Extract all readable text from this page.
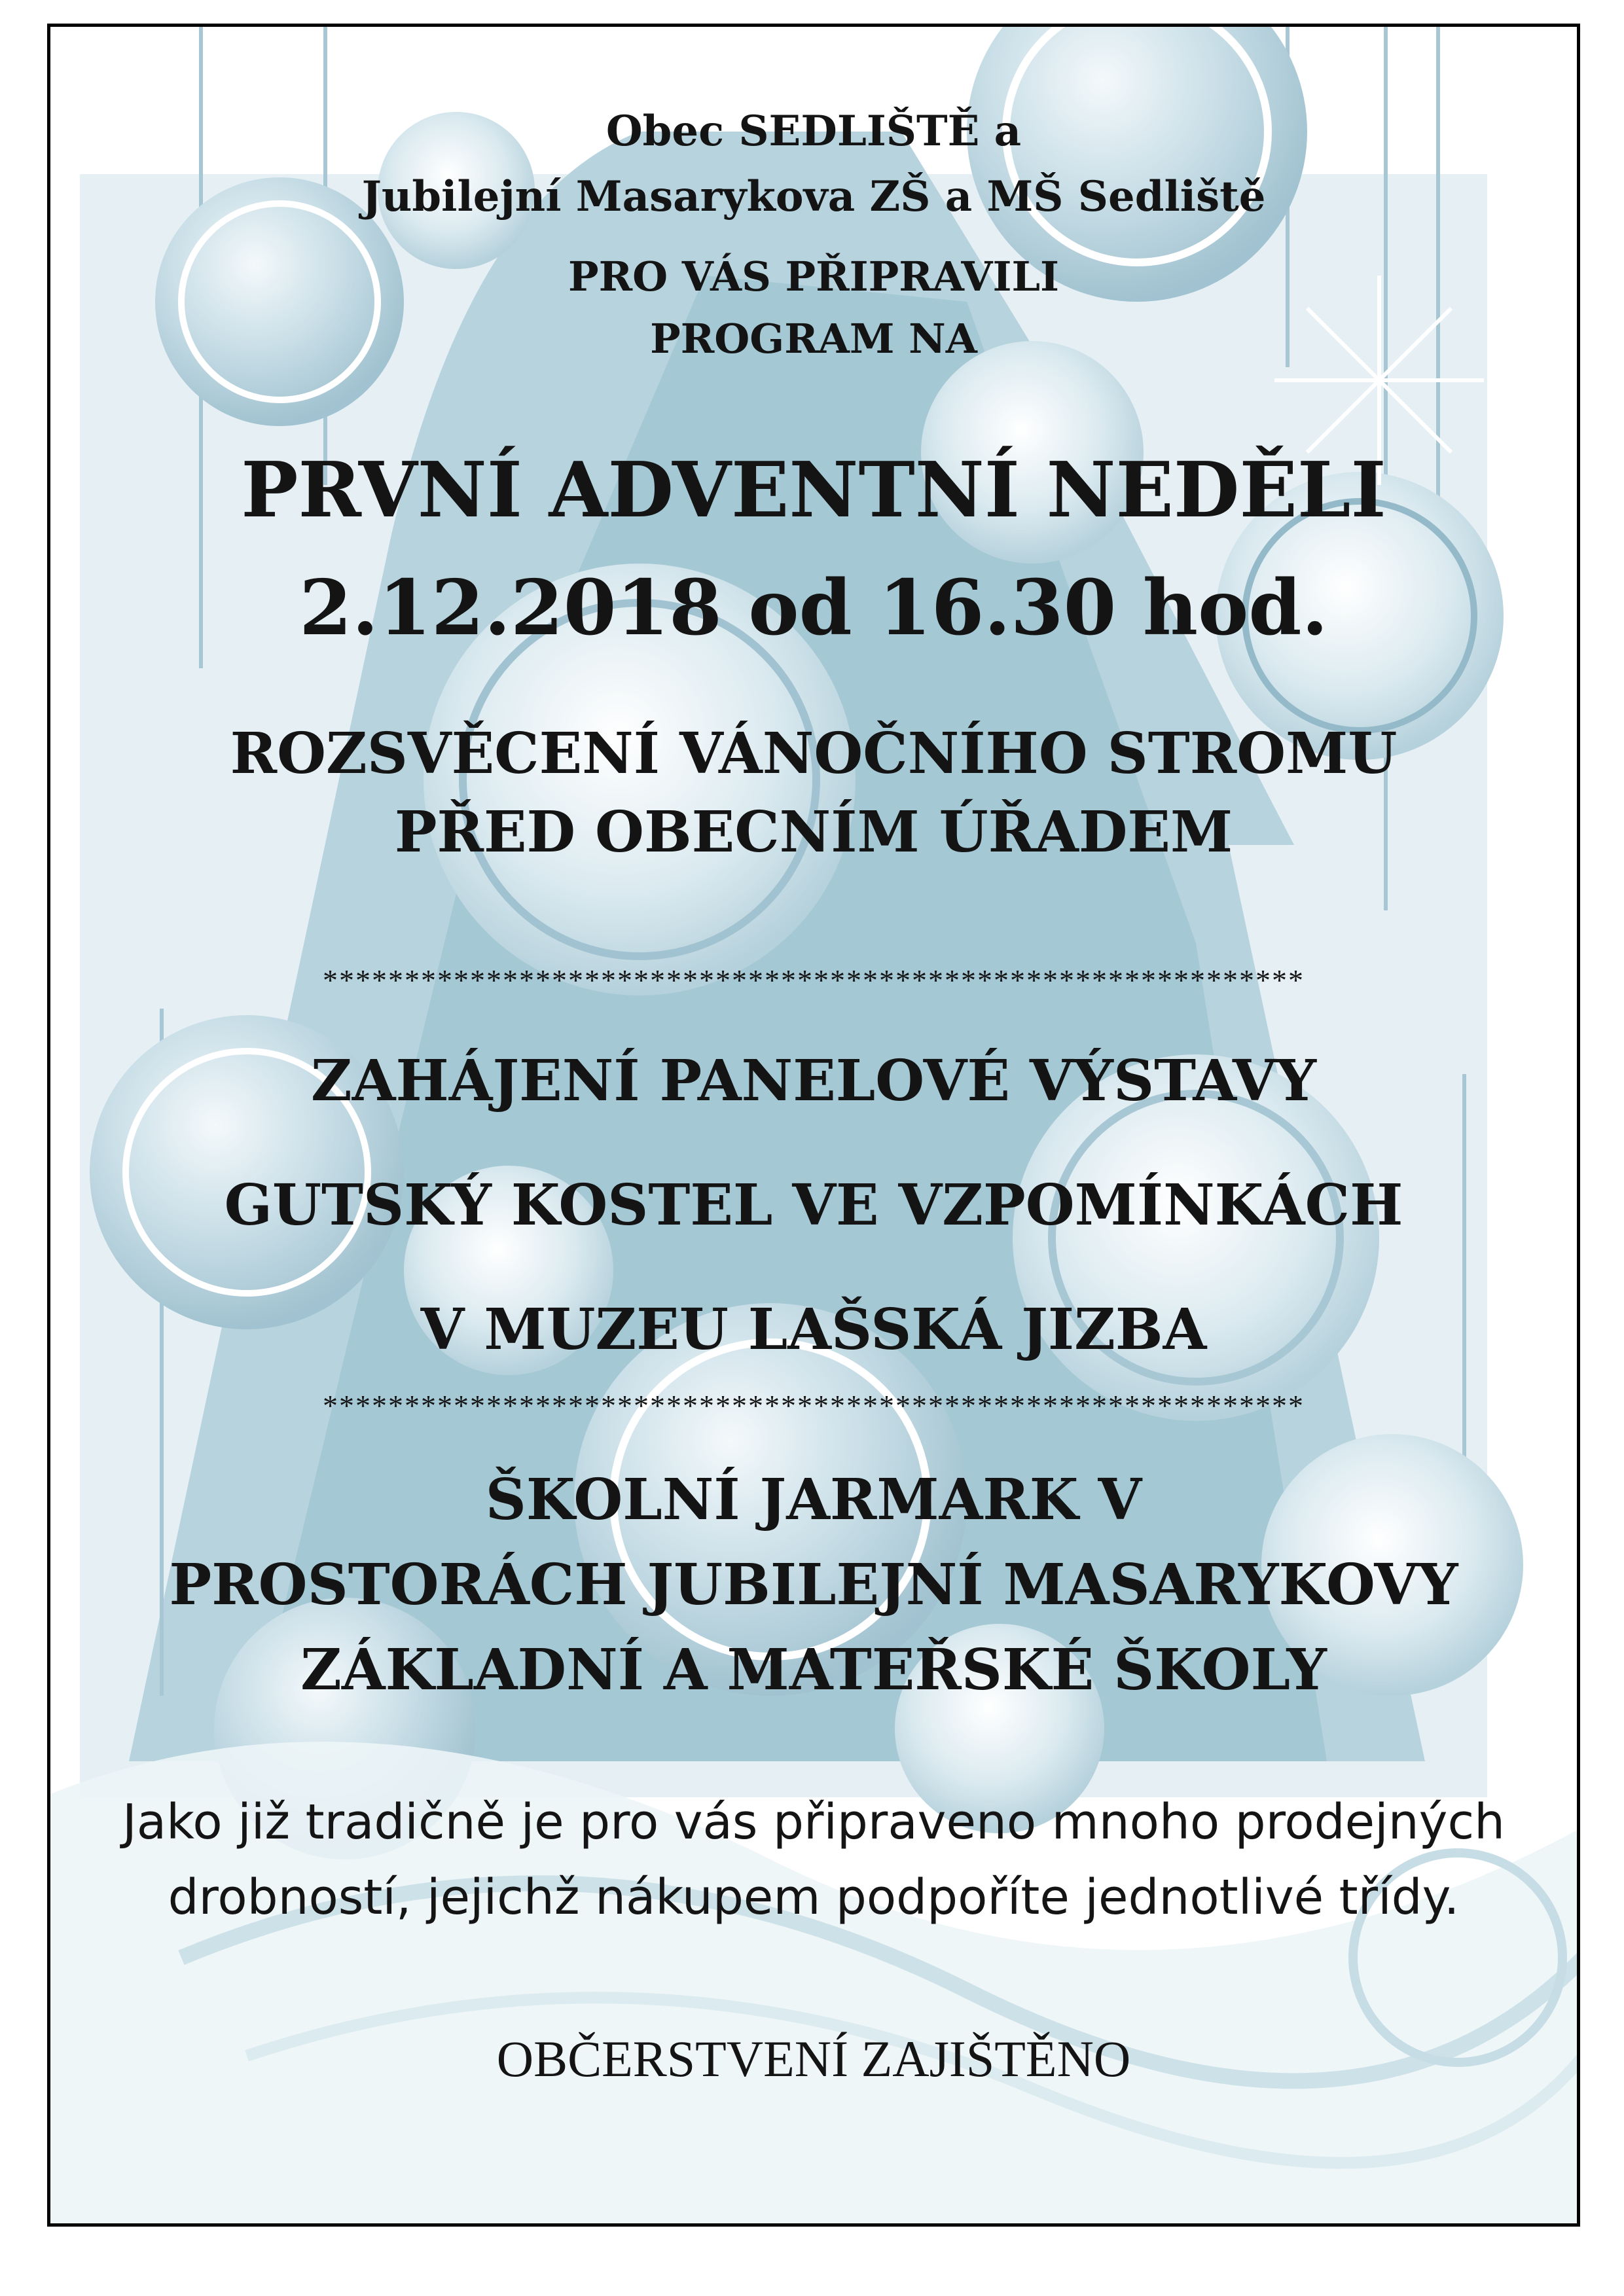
Obec SEDLIŠTĚ a

Jubilejní Masarykova ZŠ a MŠ Sedliště

PRO VÁS PŘIPRAVILI

PROGRAM NA

PRVNÍ ADVENTNÍ NEDĚLI

2.12.2018 od 16.30 hod.

ROZSVĚCENÍ VÁNOČNÍHO STROMU

PŘED OBECNÍM ÚŘADEM

************************************************************

ZAHÁJENÍ PANELOVÉ VÝSTAVY

GUTSKÝ KOSTEL VE VZPOMÍNKÁCH

V MUZEU LAŠSKÁ JIZBA

************************************************************

ŠKOLNÍ JARMARK V

PROSTORÁCH JUBILEJNÍ MASARYKOVY

ZÁKLADNÍ A MATEŘSKÉ ŠKOLY

Jako již tradičně je pro vás připraveno mnoho prodejných

drobností, jejichž nákupem podpoříte jednotlivé třídy.

OBČERSTVENÍ ZAJIŠTĚNO
